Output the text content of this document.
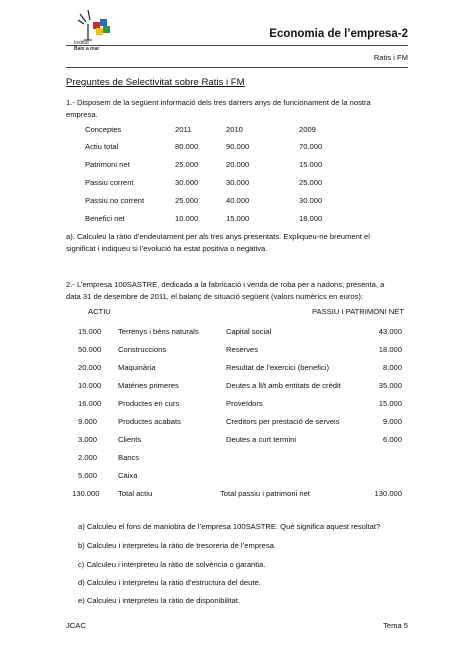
Institut
Baix a mar
Economia de l’empresa-2
Ratis i FM
Preguntes de Selectivitat sobre Ratis i FM
1.- Disposem de la següent informació dels tres darrers anys de funcionament de la nostra
empresa.
Conceptes	2011	2010	2009
Actiu total	80.000	90.000	70.000
Patrimoni net	25.000	20.000	15.000
Passiu corrent	30.000	30.000	25.000
Passiu no corrent	25.000	40.000	30.000
Benefici net	10.000	15.000	18.000
a). Calculeu la ràtio d’endeutament per als tres anys presentats. Expliqueu-ne breument el
significat i indiqueu si l’evolució ha estat positiva o negativa.
2.- L’empresa 100SASTRE, dedicada a la fabricació i venda de roba per a nadons, presenta, a
data 31 de desembre de 2011, el balanç de situació següent (valors numèrics en euros):
ACTIU	PASSIU I PATRIMONI NET
15.000 Terrenys i béns naturals	Capital social	43.000
50.000 Construccions	Reserves	18.000
20.000 Maquinària	Resultat de l’exercici (benefici)	8.000
10.000 Matèries primeres	Deutes a ll/t amb entitats de crèdit	35.000
16.000 Productes en curs	Proveïdors	15.000
9.000	Productes acabats	Creditors per prestació de serveis	9.000
3.000	Clients	Deutes a curt termini	6.000
2.000	Bancs
5.000	Caixa
130.000 Total actiu	Total passiu i patrimoni net	130.000
a) Calculeu el fons de maniobra de l’empresa 100SASTRE. Què significa aquest resultat?
b) Calculeu i interpreteu la ràtio de tresoreria de l’empresa.
c) Calculeu i interpreteu la ràtio de solvència o garantia.
d) Calculeu i interpreteu la ràtio d’estructura del deute.
e) Calculeu i interpreteu la ràtio de disponibilitat.
JCAC	Tema 5
